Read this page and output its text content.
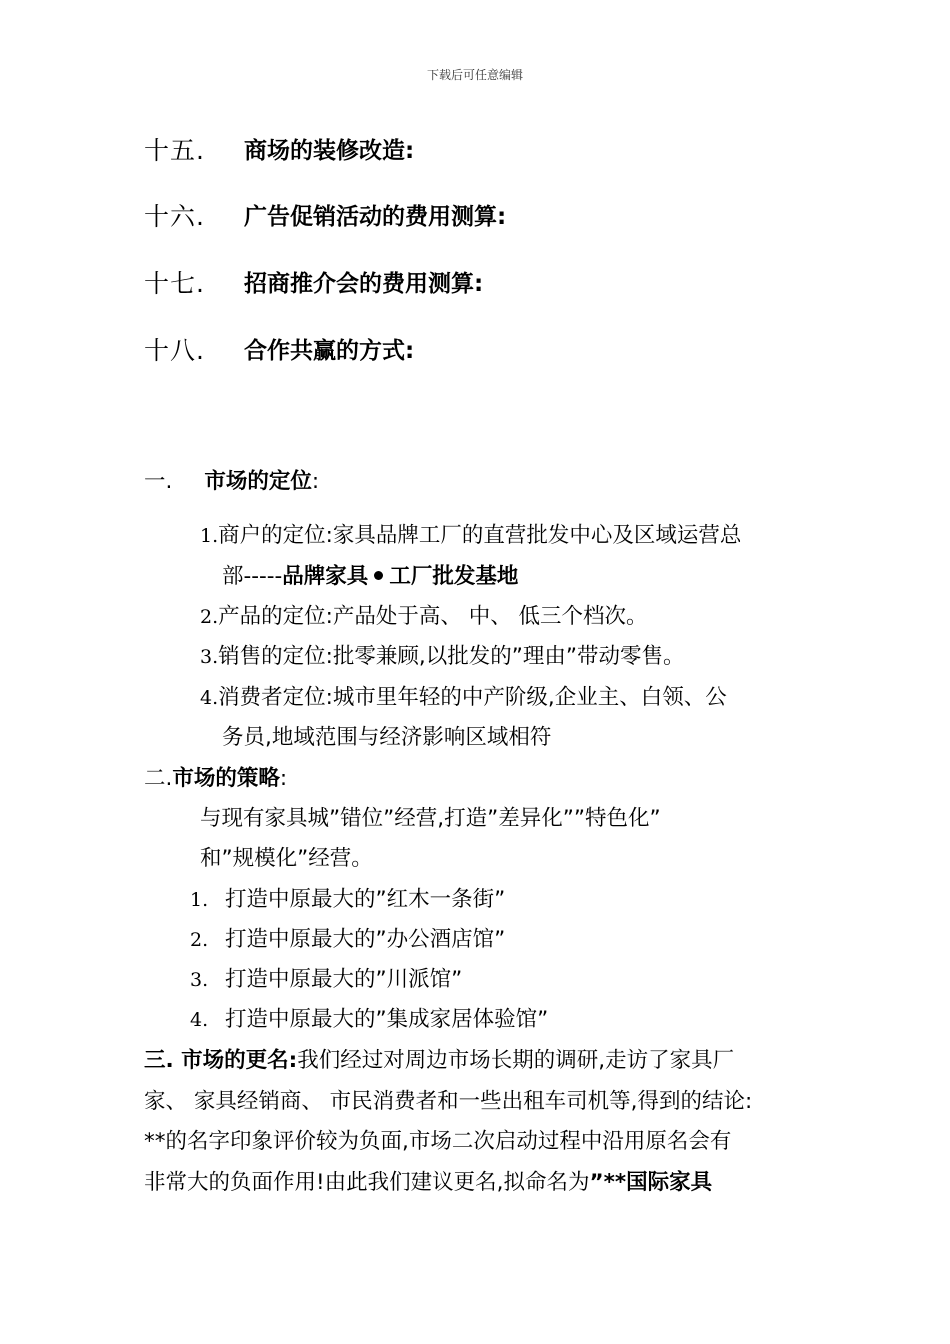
下载后可任意编辑
十五. 商场的装修改造:
十六. 广告促销活动的费用测算:
十七. 招商推介会的费用测算:
十八. 合作共赢的方式:
一. 市场的定位:
1.商户的定位:家具品牌工厂的直营批发中心及区域运营总
部-----品牌家具 工厂批发基地
2.产品的定位:产品处于高、 中、 低三个档次。
3.销售的定位:批零兼顾,以批发的”理由”带动零售。
4.消费者定位:城市里年轻的中产阶级,企业主、白领、公
务员,地域范围与经济影响区域相符
二.市场的策略:
与现有家具城”错位”经营,打造”差异化””特色化”
和”规模化”经营。
1. 打造中原最大的”红木一条街”
2. 打造中原最大的”办公酒店馆”
3. 打造中原最大的”川派馆”
4. 打造中原最大的”集成家居体验馆”
三. 市场的更名:我们经过对周边市场长期的调研,走访了家具厂
家、 家具经销商、 市民消费者和一些出租车司机等,得到的结论:
**的名字印象评价较为负面,市场二次启动过程中沿用原名会有
非常大的负面作用!由此我们建议更名,拟命名为”**国际家具
